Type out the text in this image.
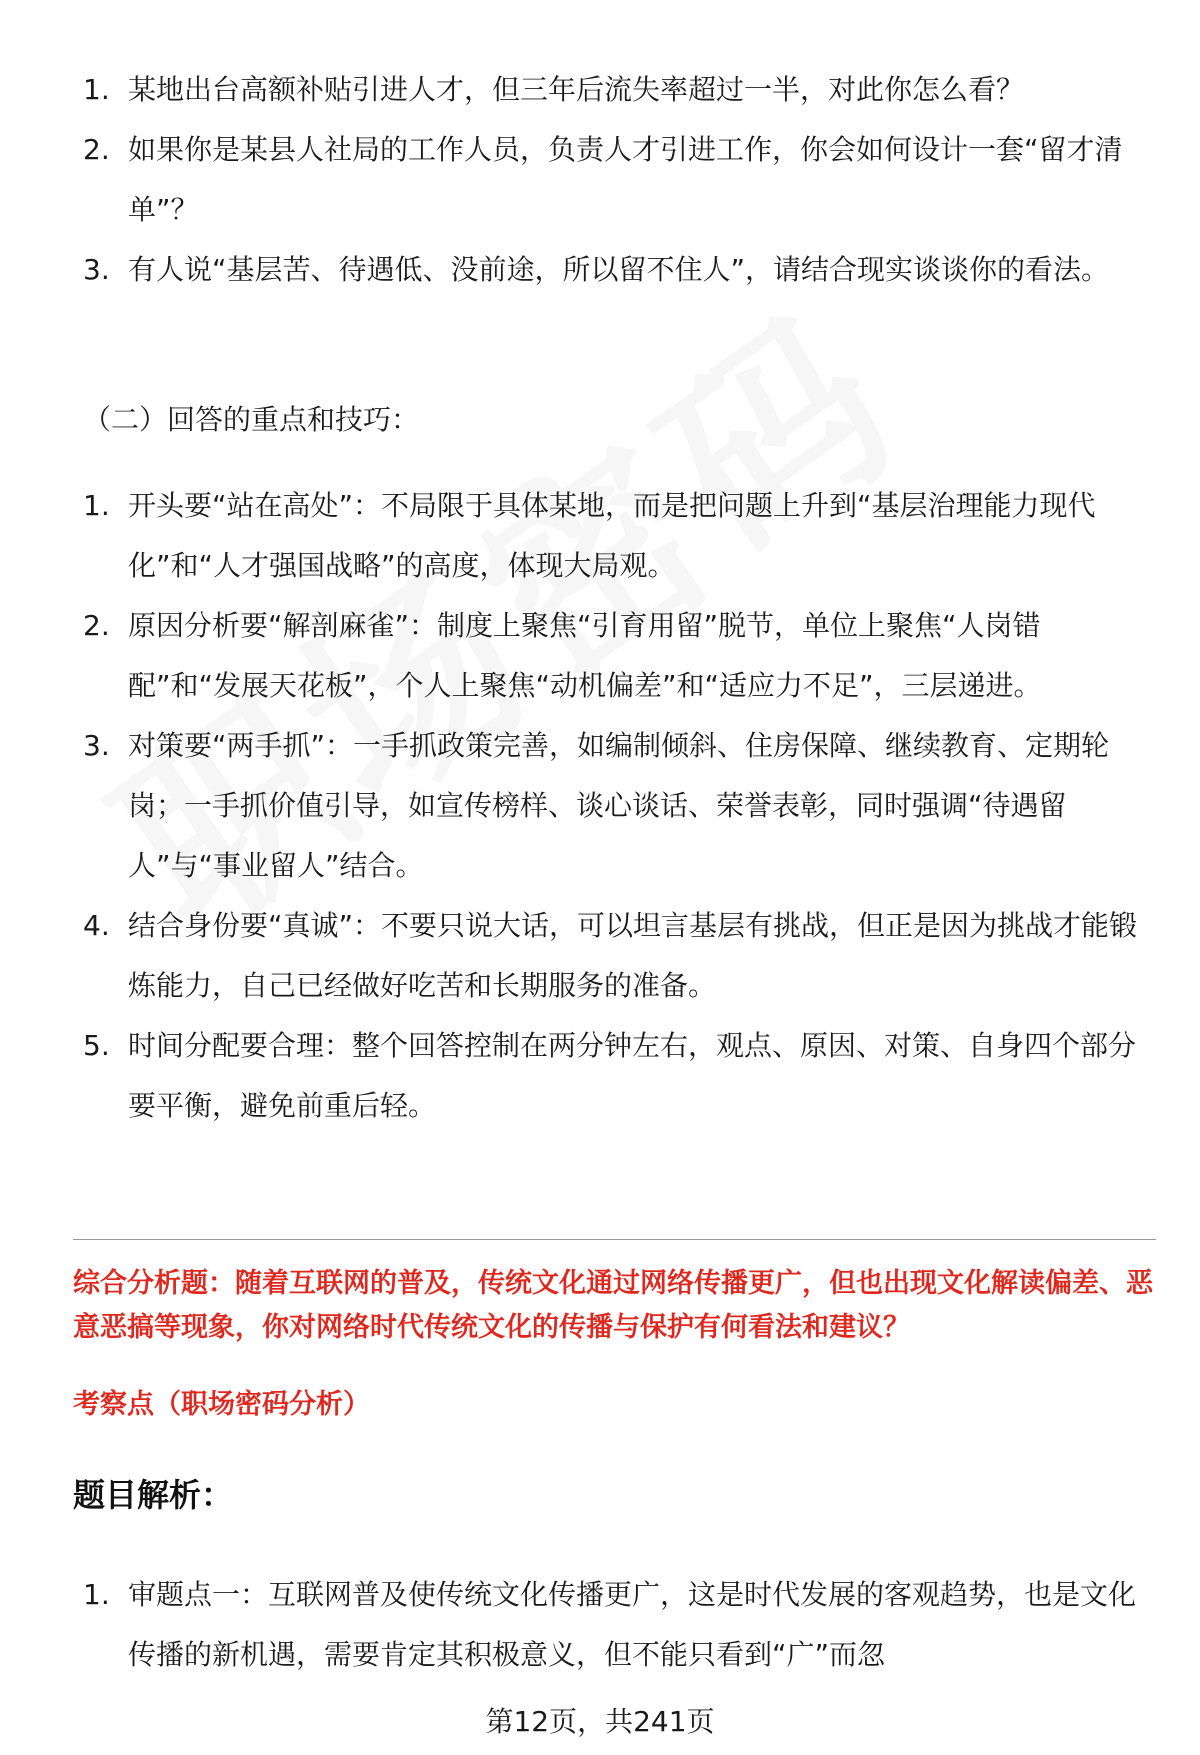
1. 某地出台高额补贴引进人才，但三年后流失率超过一半，对此你怎么看？
2. 如果你是某县人社局的工作人员，负责人才引进工作，你会如何设计一套“留才清单”？
3. 有人说“基层苦、待遇低、没前途，所以留不住人”，请结合现实谈谈你的看法。
（二）回答的重点和技巧：
1. 开头要“站在高处”：不局限于具体某地，而是把问题上升到“基层治理能力现代化”和“人才强国战略”的高度，体现大局观。
2. 原因分析要“解剖麻雀”：制度上聚焦“引育用留”脱节，单位上聚焦“人岗错配”和“发展天花板”，个人上聚焦“动机偏差”和“适应力不足”，三层递进。
3. 对策要“两手抓”：一手抓政策完善，如编制倾斜、住房保障、继续教育、定期轮岗；一手抓价值引导，如宣传榜样、谈心谈话、荣誉表彰，同时强调“待遇留人”与“事业留人”结合。
4. 结合身份要“真诚”：不要只说大话，可以坦言基层有挑战，但正是因为挑战才能锻炼能力，自己已经做好吃苦和长期服务的准备。
5. 时间分配要合理：整个回答控制在两分钟左右，观点、原因、对策、自身四个部分要平衡，避免前重后轻。
综合分析题：随着互联网的普及，传统文化通过网络传播更广，但也出现文化解读偏差、恶意恶搞等现象，你对网络时代传统文化的传播与保护有何看法和建议？
考察点（职场密码分析）
题目解析：
1. 审题点一：互联网普及使传统文化传播更广，这是时代发展的客观趋势，也是文化传播的新机遇，需要肯定其积极意义，但不能只看到“广”而忽
第12页，共241页
